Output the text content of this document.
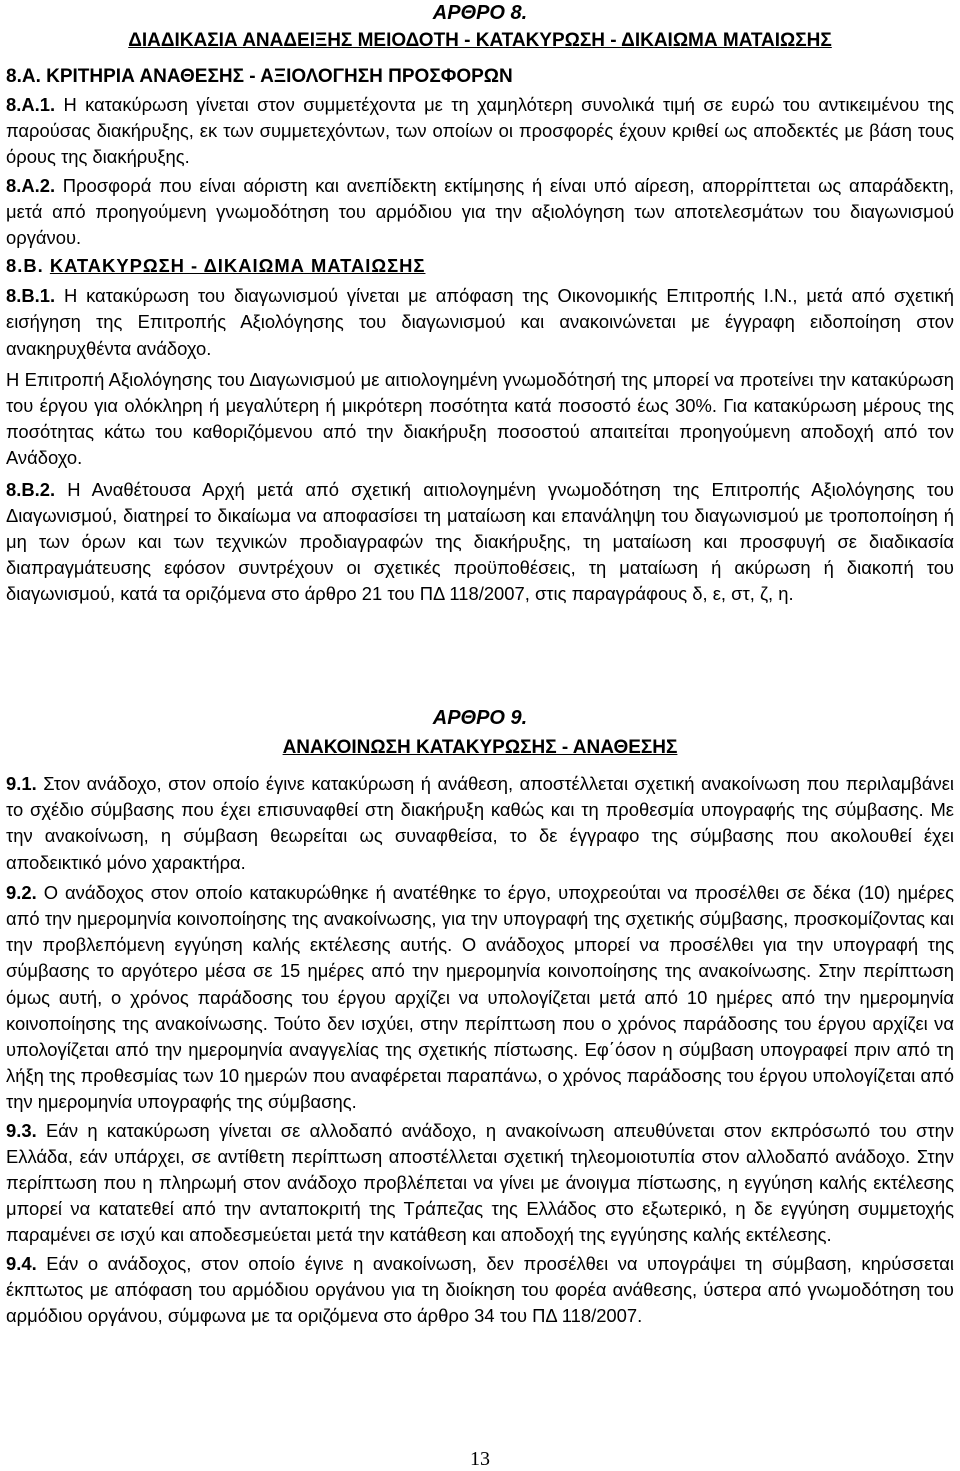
ΑΡΘΡΟ 8.
ΔΙΑΔΙΚΑΣΙΑ ΑΝΑΔΕΙΞΗΣ ΜΕΙΟΔΟΤΗ - ΚΑΤΑΚΥΡΩΣΗ - ΔΙΚΑΙΩΜΑ ΜΑΤΑΙΩΣΗΣ
8.Α. ΚΡΙΤΗΡΙΑ ΑΝΑΘΕΣΗΣ - ΑΞΙΟΛΟΓΗΣΗ ΠΡΟΣΦΟΡΩΝ

8.Α.1. Η κατακύρωση γίνεται στον συμμετέχοντα με τη χαμηλότερη συνολικά τιμή σε ευρώ του αντικειμένου της παρούσας διακήρυξης, εκ των συμμετεχόντων, των οποίων οι προσφορές έχουν κριθεί ως αποδεκτές με βάση τους όρους της διακήρυξης.

8.Α.2. Προσφορά που είναι αόριστη και ανεπίδεκτη εκτίμησης ή είναι υπό αίρεση, απορρίπτεται ως απαράδεκτη, μετά από προηγούμενη γνωμοδότηση του αρμόδιου για την αξιολόγηση των αποτελεσμάτων του διαγωνισμού οργάνου.

8.Β. ΚΑΤΑΚΥΡΩΣΗ - ΔΙΚΑΙΩΜΑ ΜΑΤΑΙΩΣΗΣ

8.Β.1. Η κατακύρωση του διαγωνισμού γίνεται με απόφαση της Οικονομικής Επιτροπής Ι.Ν., μετά από σχετική εισήγηση της Επιτροπής Αξιολόγησης του διαγωνισμού και ανακοινώνεται με έγγραφη ειδοποίηση στον ανακηρυχθέντα ανάδοχο.

Η Επιτροπή Αξιολόγησης του Διαγωνισμού με αιτιολογημένη γνωμοδότησή της μπορεί να προτείνει την κατακύρωση του έργου για ολόκληρη ή μεγαλύτερη ή μικρότερη ποσότητα κατά ποσοστό έως 30%. Για κατακύρωση μέρους της ποσότητας κάτω του καθοριζόμενου από την διακήρυξη ποσοστού απαιτείται προηγούμενη αποδοχή από τον Ανάδοχο.

8.Β.2. Η Αναθέτουσα Αρχή μετά από σχετική αιτιολογημένη γνωμοδότηση της Επιτροπής Αξιολόγησης του Διαγωνισμού, διατηρεί το δικαίωμα να αποφασίσει τη ματαίωση και επανάληψη του διαγωνισμού με τροποποίηση ή μη των όρων και των τεχνικών προδιαγραφών της διακήρυξης, τη ματαίωση και προσφυγή σε διαδικασία διαπραγμάτευσης εφόσον συντρέχουν οι σχετικές προϋποθέσεις, τη ματαίωση ή ακύρωση ή διακοπή του διαγωνισμού, κατά τα οριζόμενα στο άρθρο 21 του ΠΔ 118/2007, στις παραγράφους δ, ε, στ, ζ, η.

ΑΡΘΡΟ 9.
ΑΝΑΚΟΙΝΩΣΗ ΚΑΤΑΚΥΡΩΣΗΣ - ΑΝΑΘΕΣΗΣ

9.1. Στον ανάδοχο, στον οποίο έγινε κατακύρωση ή ανάθεση, αποστέλλεται σχετική ανακοίνωση που περιλαμβάνει το σχέδιο σύμβασης που έχει επισυναφθεί στη διακήρυξη καθώς και τη προθεσμία υπογραφής της σύμβασης. Με την ανακοίνωση, η σύμβαση θεωρείται ως συναφθείσα, το δε έγγραφο της σύμβασης που ακολουθεί έχει αποδεικτικό μόνο χαρακτήρα.

9.2. Ο ανάδοχος στον οποίο κατακυρώθηκε ή ανατέθηκε το έργο, υποχρεούται να προσέλθει σε δέκα (10) ημέρες από την ημερομηνία κοινοποίησης της ανακοίνωσης, για την υπογραφή της σχετικής σύμβασης, προσκομίζοντας και την προβλεπόμενη εγγύηση καλής εκτέλεσης αυτής. Ο ανάδοχος μπορεί να προσέλθει για την υπογραφή της σύμβασης το αργότερο μέσα σε 15 ημέρες από την ημερομηνία κοινοποίησης της ανακοίνωσης. Στην περίπτωση όμως αυτή, ο χρόνος παράδοσης του έργου αρχίζει να υπολογίζεται μετά από 10 ημέρες από την ημερομηνία κοινοποίησης της ανακοίνωσης. Τούτο δεν ισχύει, στην περίπτωση που ο χρόνος παράδοσης του έργου αρχίζει να υπολογίζεται από την ημερομηνία αναγγελίας της σχετικής πίστωσης. Εφ΄όσον η σύμβαση υπογραφεί πριν από τη λήξη της προθεσμίας των 10 ημερών που αναφέρεται παραπάνω, ο χρόνος παράδοσης του έργου υπολογίζεται από την ημερομηνία υπογραφής της σύμβασης.

9.3. Εάν η κατακύρωση γίνεται σε αλλοδαπό ανάδοχο, η ανακοίνωση απευθύνεται στον εκπρόσωπό του στην Ελλάδα, εάν υπάρχει, σε αντίθετη περίπτωση αποστέλλεται σχετική τηλεομοιοτυπία στον αλλοδαπό ανάδοχο. Στην περίπτωση που η πληρωμή στον ανάδοχο προβλέπεται να γίνει με άνοιγμα πίστωσης, η εγγύηση καλής εκτέλεσης μπορεί να κατατεθεί από την ανταποκριτή της Τράπεζας της Ελλάδος στο εξωτερικό, η δε εγγύηση συμμετοχής παραμένει σε ισχύ και αποδεσμεύεται μετά την κατάθεση και αποδοχή της εγγύησης καλής εκτέλεσης.

9.4. Εάν ο ανάδοχος, στον οποίο έγινε η ανακοίνωση, δεν προσέλθει να υπογράψει τη σύμβαση, κηρύσσεται έκπτωτος με απόφαση του αρμόδιου οργάνου για τη διοίκηση του φορέα ανάθεσης, ύστερα από γνωμοδότηση του αρμόδιου οργάνου, σύμφωνα με τα οριζόμενα στο άρθρο 34 του ΠΔ 118/2007.

13
